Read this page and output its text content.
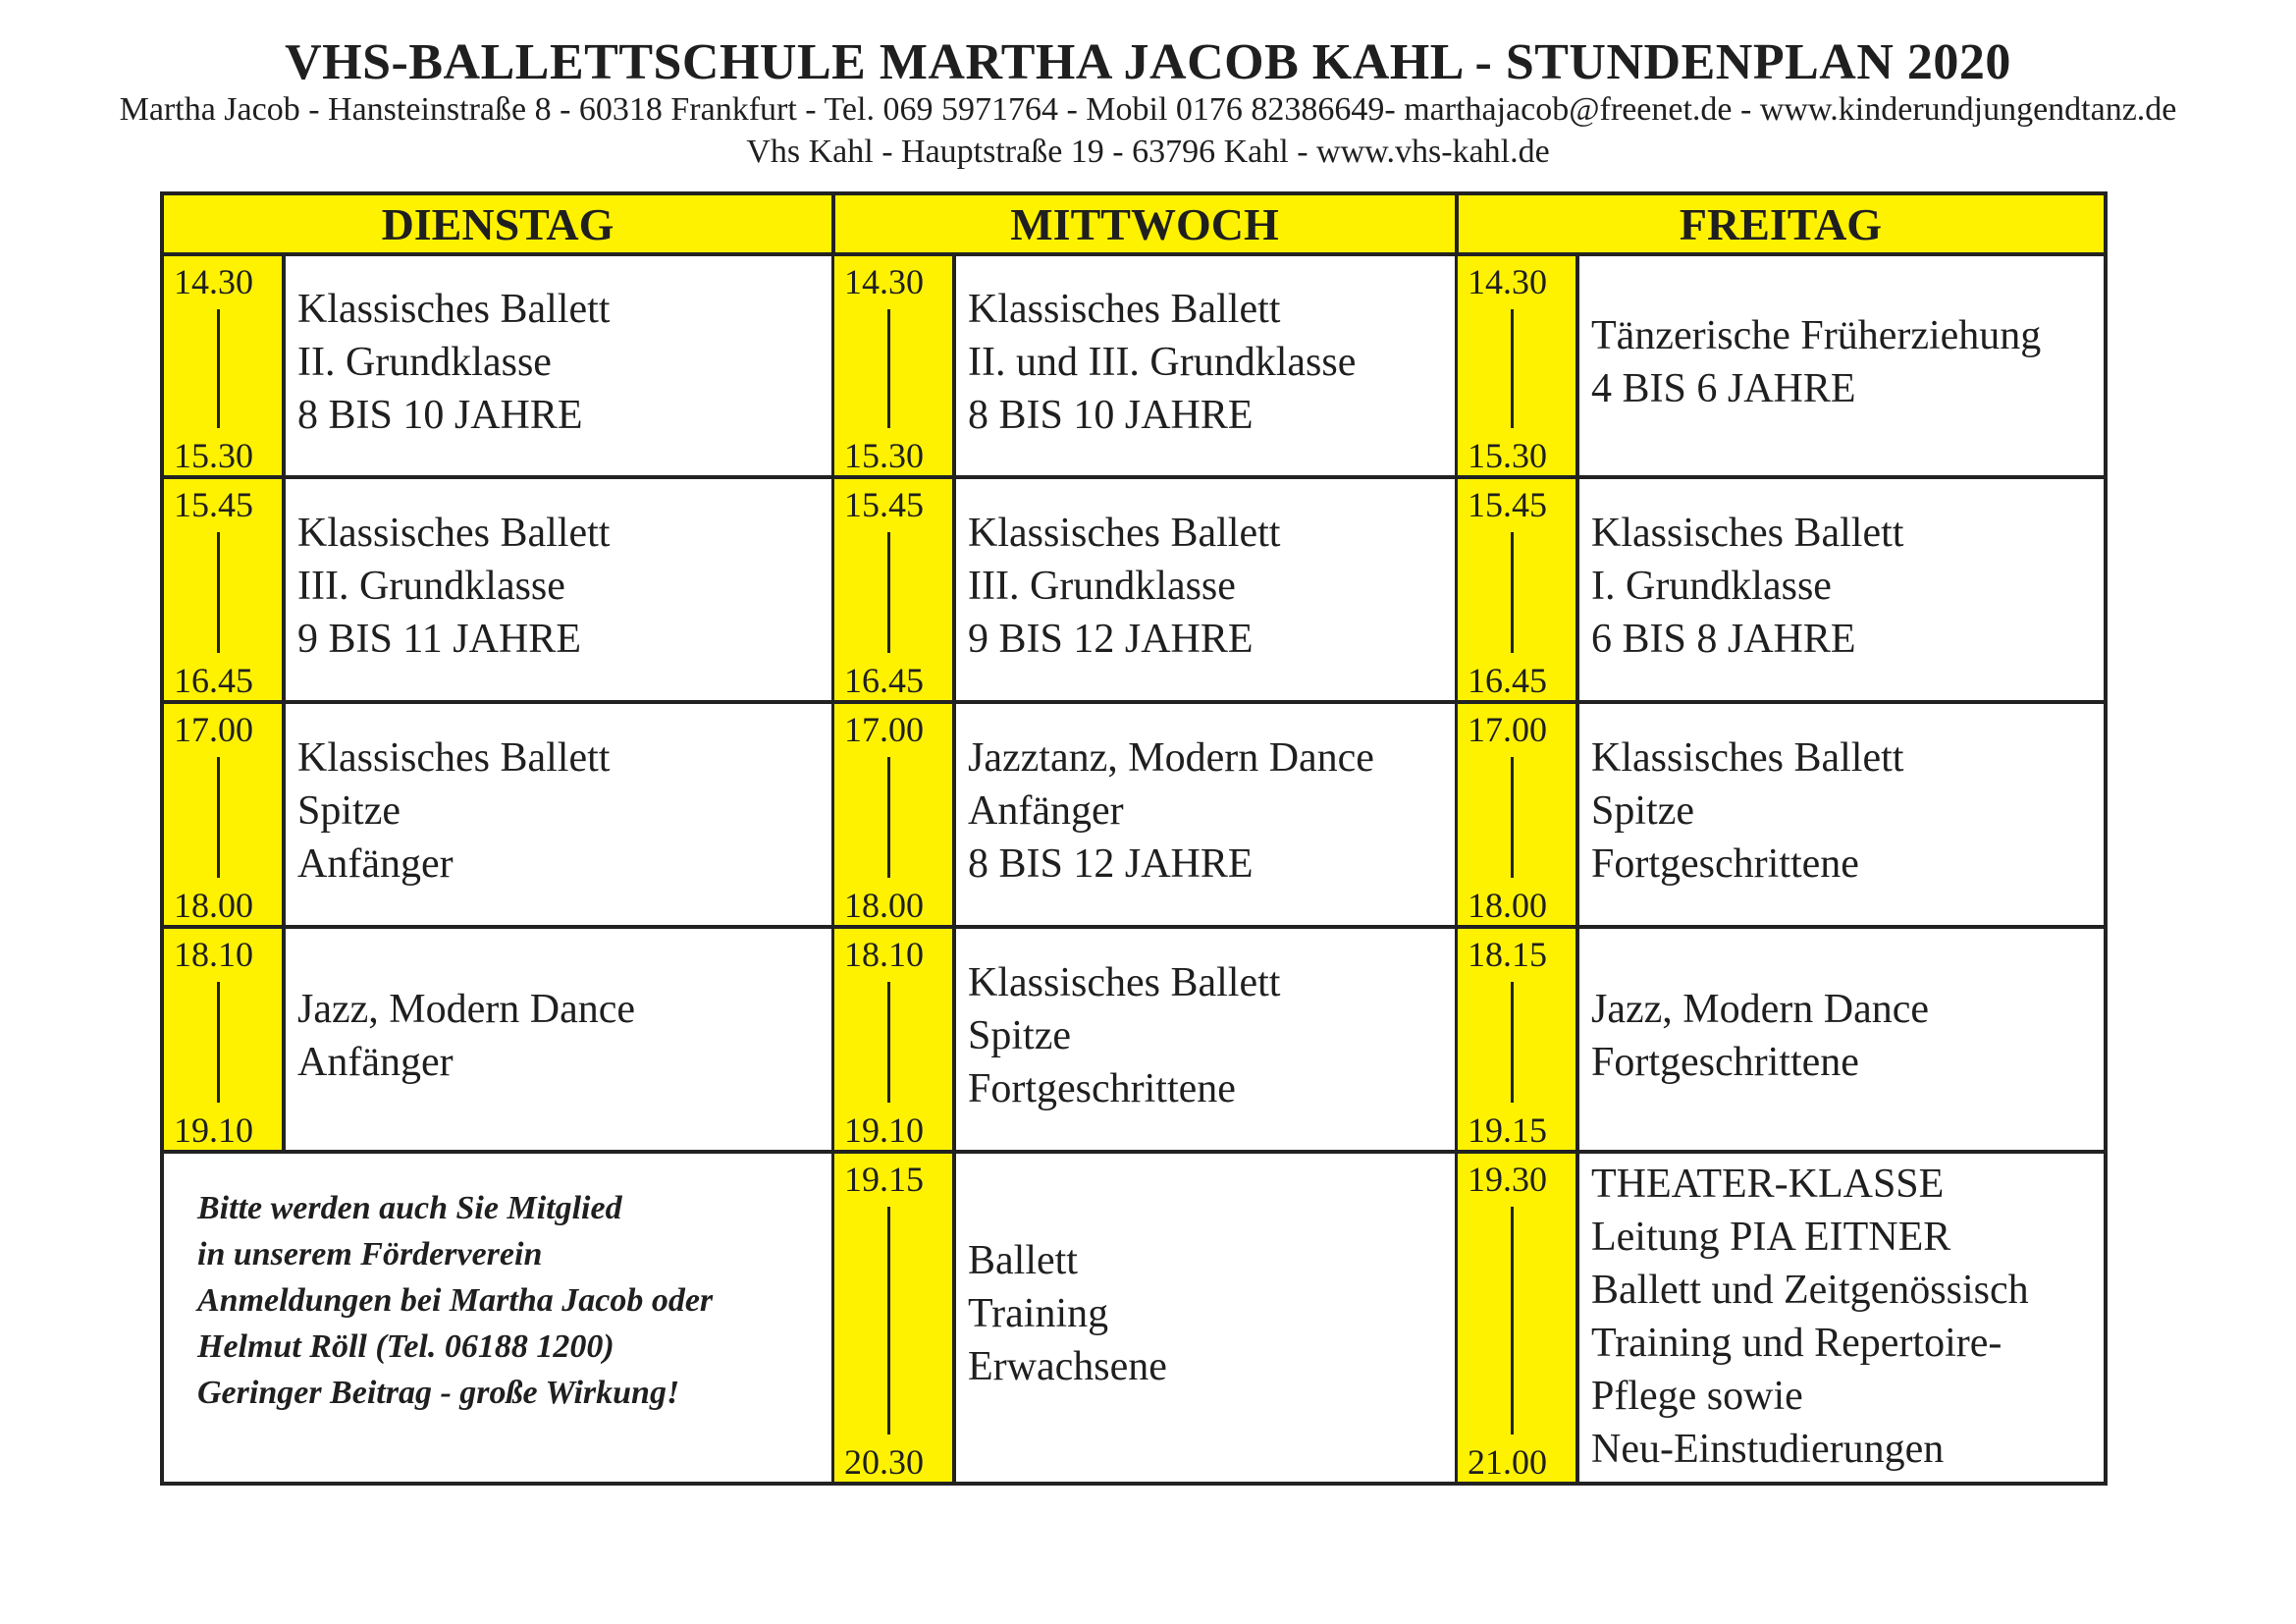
VHS-BALLETTSCHULE MARTHA JACOB KAHL - STUNDENPLAN 2020
Martha Jacob - Hansteinstraße 8 - 60318 Frankfurt - Tel. 069 5971764 - Mobil 0176 82386649- marthajacob@freenet.de - www.kinderundjungendtanz.de
Vhs Kahl - Hauptstraße 19 - 63796 Kahl - www.vhs-kahl.de
DIENSTAG	MITTWOCH	FREITAG
14.30
15.30
Klassisches Ballett
II. Grundklasse
8 BIS 10 JAHRE
15.45
16.45
Klassisches Ballett
III. Grundklasse
9 BIS 11 JAHRE
17.00
18.00
Klassisches Ballett
Spitze
Anfänger
18.10
19.10
Jazz, Modern Dance
Anfänger
14.30
15.30
Klassisches Ballett
II. und III. Grundklasse
8 BIS 10 JAHRE
15.45
16.45
Klassisches Ballett
III. Grundklasse
9 BIS 12 JAHRE
17.00
18.00
Jazztanz, Modern Dance
Anfänger
8 BIS 12 JAHRE
18.10
19.10
Klassisches Ballett
Spitze
Fortgeschrittene
19.15
20.30
Ballett
Training
Erwachsene
14.30
15.30
Tänzerische Früherziehung
4 BIS 6 JAHRE
15.45
16.45
Klassisches Ballett
I. Grundklasse
6 BIS 8 JAHRE
17.00
18.00
Klassisches Ballett
Spitze
Fortgeschrittene
18.15
19.15
Jazz, Modern Dance
Fortgeschrittene
19.30
21.00
THEATER-KLASSE
Leitung PIA EITNER
Ballett und Zeitgenössisch
Training und Repertoire-
Pflege sowie
Neu-Einstudierungen
Bitte werden auch Sie Mitglied
in unserem Förderverein
Anmeldungen bei Martha Jacob oder
Helmut Röll (Tel. 06188 1200)
Geringer Beitrag - große Wirkung!
